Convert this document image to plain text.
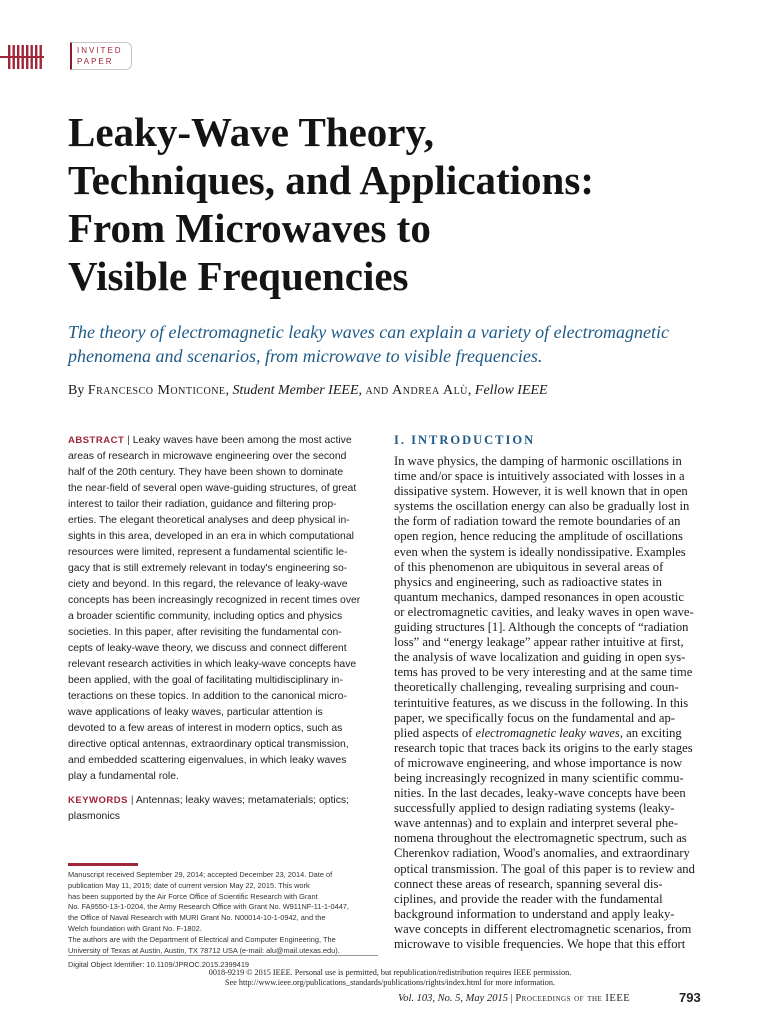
INVITED
PAPER
Leaky-Wave Theory,
Techniques, and Applications:
From Microwaves to
Visible Frequencies
The theory of electromagnetic leaky waves can explain a variety of electromagnetic
phenomena and scenarios, from microwave to visible frequencies.
By Francesco Monticone, Student Member IEEE, and Andrea Alù, Fellow IEEE
ABSTRACT | Leaky waves have been among the most active
areas of research in microwave engineering over the second
half of the 20th century. They have been shown to dominate
the near-field of several open wave-guiding structures, of great
interest to tailor their radiation, guidance and filtering prop-
erties. The elegant theoretical analyses and deep physical in-
sights in this area, developed in an era in which computational
resources were limited, represent a fundamental scientific le-
gacy that is still extremely relevant in today's engineering so-
ciety and beyond. In this regard, the relevance of leaky-wave
concepts has been increasingly recognized in recent times over
a broader scientific community, including optics and physics
societies. In this paper, after revisiting the fundamental con-
cepts of leaky-wave theory, we discuss and connect different
relevant research activities in which leaky-wave concepts have
been applied, with the goal of facilitating multidisciplinary in-
teractions on these topics. In addition to the canonical micro-
wave applications of leaky waves, particular attention is
devoted to a few areas of interest in modern optics, such as
directive optical antennas, extraordinary optical transmission,
and embedded scattering eigenvalues, in which leaky waves
play a fundamental role.
KEYWORDS | Antennas; leaky waves; metamaterials; optics;
plasmonics
Manuscript received September 29, 2014; accepted December 23, 2014. Date of
publication May 11, 2015; date of current version May 22, 2015. This work
has been supported by the Air Force Office of Scientific Research with Grant
No. FA9550-13-1-0204, the Army Research Office with Grant No. W911NF-11-1-0447,
the Office of Naval Research with MURI Grant No. N00014-10-1-0942, and the
Welch foundation with Grant No. F-1802.
The authors are with the Department of Electrical and Computer Engineering, The
University of Texas at Austin, Austin, TX 78712 USA (e-mail: alu@mail.utexas.edu).
Digital Object Identifier: 10.1109/JPROC.2015.2399419
I. INTRODUCTION
In wave physics, the damping of harmonic oscillations in
time and/or space is intuitively associated with losses in a
dissipative system. However, it is well known that in open
systems the oscillation energy can also be gradually lost in
the form of radiation toward the remote boundaries of an
open region, hence reducing the amplitude of oscillations
even when the system is ideally nondissipative. Examples
of this phenomenon are ubiquitous in several areas of
physics and engineering, such as radioactive states in
quantum mechanics, damped resonances in open acoustic
or electromagnetic cavities, and leaky waves in open wave-
guiding structures [1]. Although the concepts of “radiation
loss” and “energy leakage” appear rather intuitive at first,
the analysis of wave localization and guiding in open sys-
tems has proved to be very interesting and at the same time
theoretically challenging, revealing surprising and coun-
terintuitive features, as we discuss in the following. In this
paper, we specifically focus on the fundamental and ap-
plied aspects of electromagnetic leaky waves, an exciting
research topic that traces back its origins to the early stages
of microwave engineering, and whose importance is now
being increasingly recognized in many scientific commu-
nities. In the last decades, leaky-wave concepts have been
successfully applied to design radiating systems (leaky-
wave antennas) and to explain and interpret several phe-
nomena throughout the electromagnetic spectrum, such as
Cherenkov radiation, Wood's anomalies, and extraordinary
optical transmission. The goal of this paper is to review and
connect these areas of research, spanning several dis-
ciplines, and provide the reader with the fundamental
background information to understand and apply leaky-
wave concepts in different electromagnetic scenarios, from
microwave to visible frequencies. We hope that this effort
0018-9219 © 2015 IEEE. Personal use is permitted, but republication/redistribution requires IEEE permission.
See http://www.ieee.org/publications_standards/publications/rights/index.html for more information.
Vol. 103, No. 5, May 2015 | Proceedings of the IEEE	793
